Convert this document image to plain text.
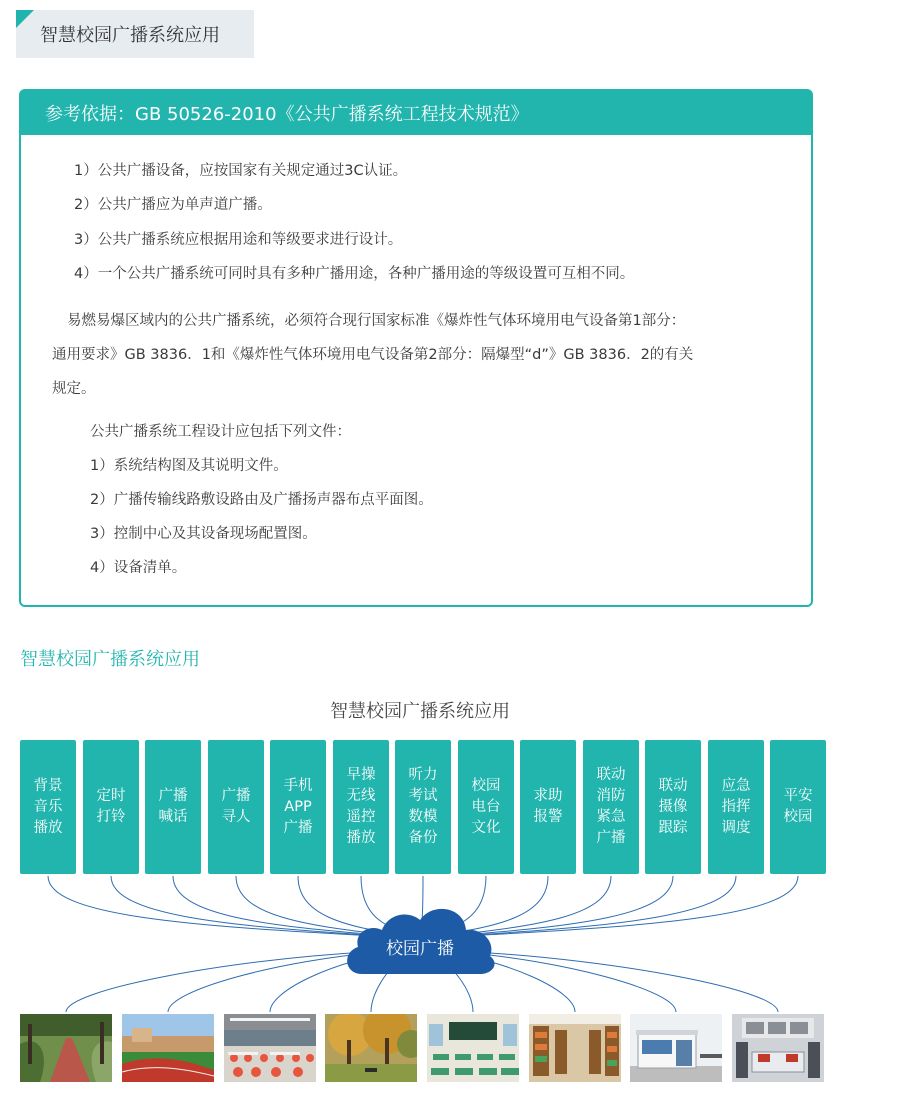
智慧校园广播系统应用
参考依据：GB 50526-2010《公共广播系统工程技术规范》
1）公共广播设备，应按国家有关规定通过3C认证。
2）公共广播应为单声道广播。
3）公共广播系统应根据用途和等级要求进行设计。
4）一个公共广播系统可同时具有多种广播用途，各种广播用途的等级设置可互相不同。
易燃易爆区域内的公共广播系统，必须符合现行国家标准《爆炸性气体环境用电气设备第1部分：
通用要求》GB 3836．1和《爆炸性气体环境用电气设备第2部分：隔爆型“d”》GB 3836．2的有关
规定。
公共广播系统工程设计应包括下列文件：
1）系统结构图及其说明文件。
2）广播传输线路敷设路由及广播扬声器布点平面图。
3）控制中心及其设备现场配置图。
4）设备清单。
智慧校园广播系统应用
智慧校园广播系统应用
背景
音乐
播放
定时
打铃
广播
喊话
广播
寻人
手机
APP
广播
早操
无线
遥控
播放
听力
考试
数模
备份
校园
电台
文化
求助
报警
联动
消防
紧急
广播
联动
摄像
跟踪
应急
指挥
调度
平安
校园
校园广播
